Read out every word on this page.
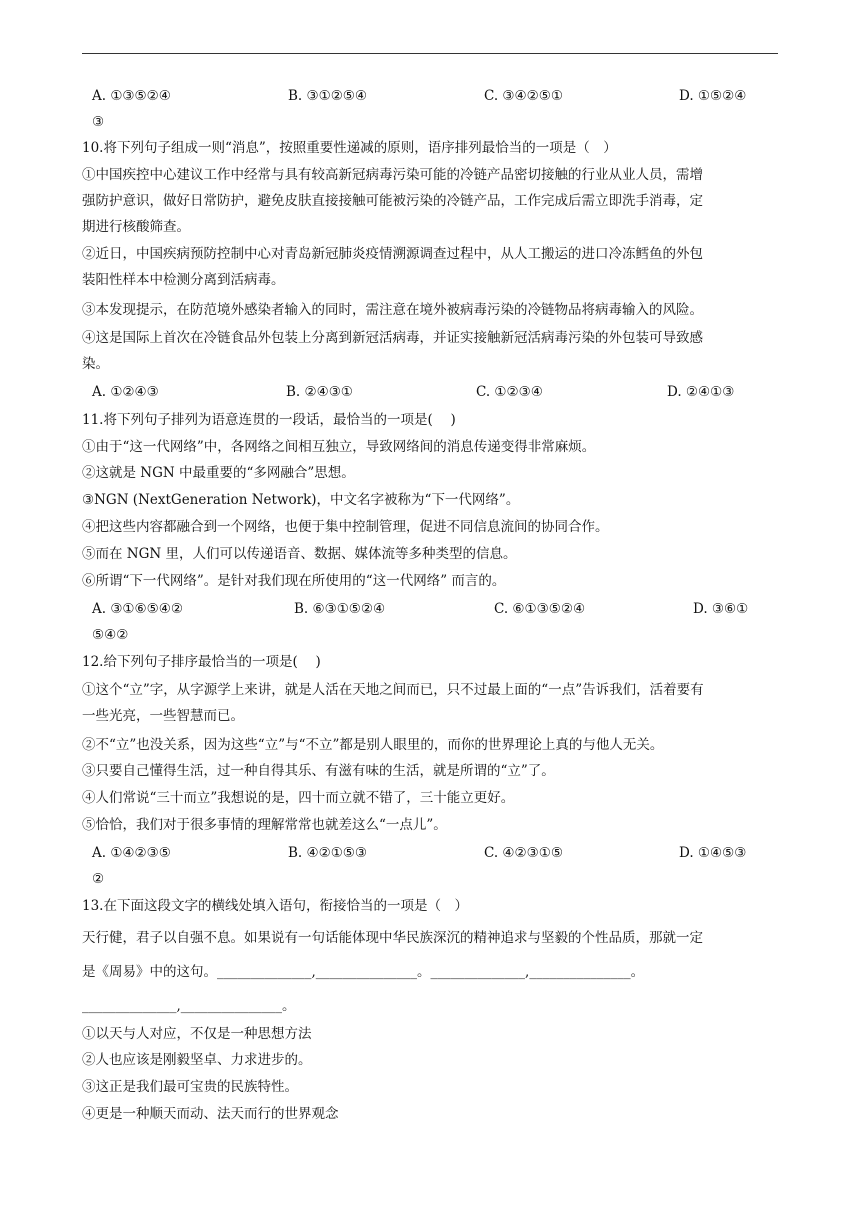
A. ①③⑤②④	B. ③①②⑤④	C. ③④②⑤①	D. ①⑤②④
③
10.将下列句子组成一则“消息”，按照重要性递减的原则，语序排列最恰当的一项是（　）
①中国疾控中心建议工作中经常与具有较高新冠病毒污染可能的冷链产品密切接触的行业从业人员，需增
强防护意识，做好日常防护，避免皮肤直接接触可能被污染的冷链产品，工作完成后需立即洗手消毒，定
期进行核酸筛查。
②近日，中国疾病预防控制中心对青岛新冠肺炎疫情溯源调查过程中，从人工搬运的进口冷冻鳕鱼的外包
装阳性样本中检测分离到活病毒。
③本发现提示，在防范境外感染者输入的同时，需注意在境外被病毒污染的冷链物品将病毒输入的风险。
④这是国际上首次在冷链食品外包装上分离到新冠活病毒，并证实接触新冠活病毒污染的外包装可导致感
染。
A. ①②④③	B. ②④③①	C. ①②③④	D. ②④①③
11.将下列句子排列为语意连贯的一段话，最恰当的一项是(　 )
①由于“这一代网络”中，各网络之间相互独立，导致网络间的消息传递变得非常麻烦。
②这就是 NGN 中最重要的“多网融合”思想。
③NGN (NextGeneration Network)，中文名字被称为“下一代网络”。
④把这些内容都融合到一个网络，也便于集中控制管理，促进不同信息流间的协同合作。
⑤而在 NGN 里，人们可以传递语音、数据、媒体流等多种类型的信息。
⑥所谓“下一代网络”。是针对我们现在所使用的“这一代网络” 而言的。
A. ③①⑥⑤④②	B. ⑥③①⑤②④	C. ⑥①③⑤②④	D. ③⑥①
⑤④②
12.给下列句子排序最恰当的一项是(　 )
①这个“立”字，从字源学上来讲，就是人活在天地之间而已，只不过最上面的“一点”告诉我们，活着要有
一些光亮，一些智慧而已。
②不“立”也没关系，因为这些“立”与“不立”都是别人眼里的，而你的世界理论上真的与他人无关。
③只要自己懂得生活，过一种自得其乐、有滋有味的生活，就是所谓的“立”了。
④人们常说“三十而立”我想说的是，四十而立就不错了，三十能立更好。
⑤恰恰，我们对于很多事情的理解常常也就差这么“一点儿”。
A. ①④②③⑤	B. ④②①⑤③	C. ④②③①⑤	D. ①④⑤③
②
13.在下面这段文字的横线处填入语句，衔接恰当的一项是（　）
天行健，君子以自强不息。如果说有一句话能体现中华民族深沉的精神追求与坚毅的个性品质，那就一定
是《周易》中的这句。______________,_______________。______________,_______________。
______________,_______________。
①以天与人对应，不仅是一种思想方法
②人也应该是刚毅坚卓、力求进步的。
③这正是我们最可宝贵的民族特性。
④更是一种顺天而动、法天而行的世界观念
